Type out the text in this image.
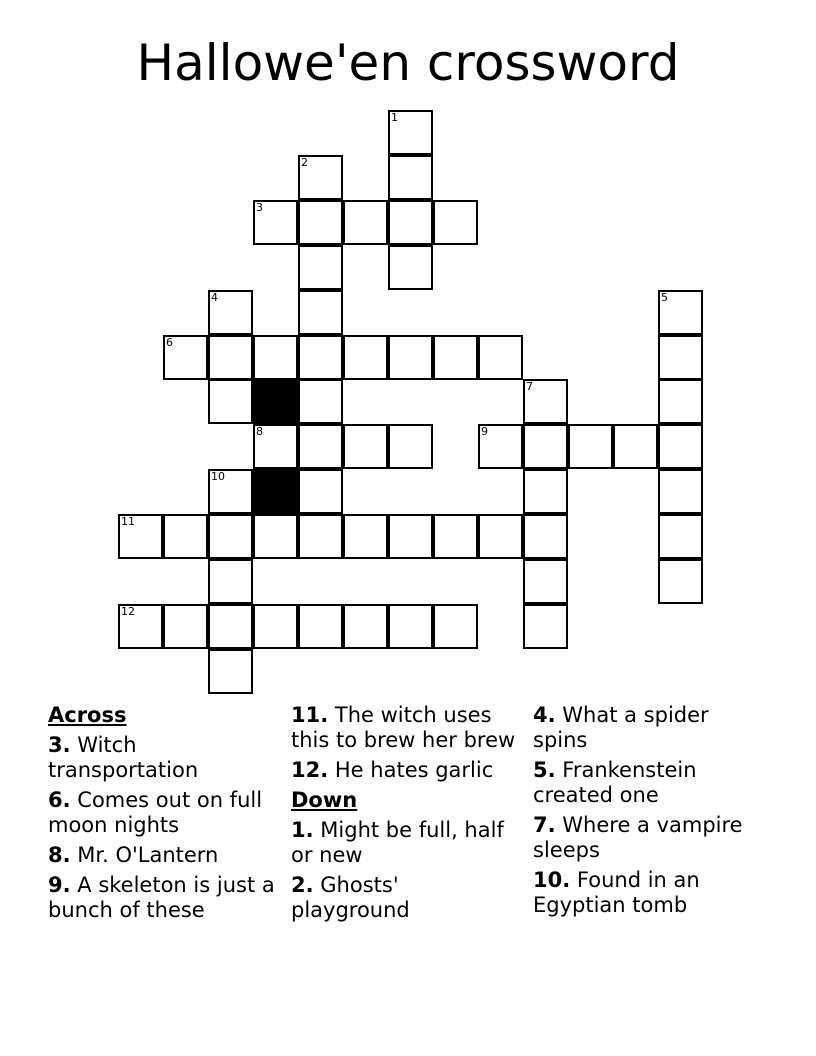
Hallowe'en crossword
1
2
3
4	5
6
7
8	9
10
11
12
Across
3. Witch transportation
6. Comes out on full moon nights
8. Mr. O'Lantern
9. A skeleton is just a bunch of these
11. The witch uses this to brew her brew
12. He hates garlic
Down
1. Might be full, half or new
2. Ghosts' playground
4. What a spider spins
5. Frankenstein created one
7. Where a vampire sleeps
10. Found in an Egyptian tomb
